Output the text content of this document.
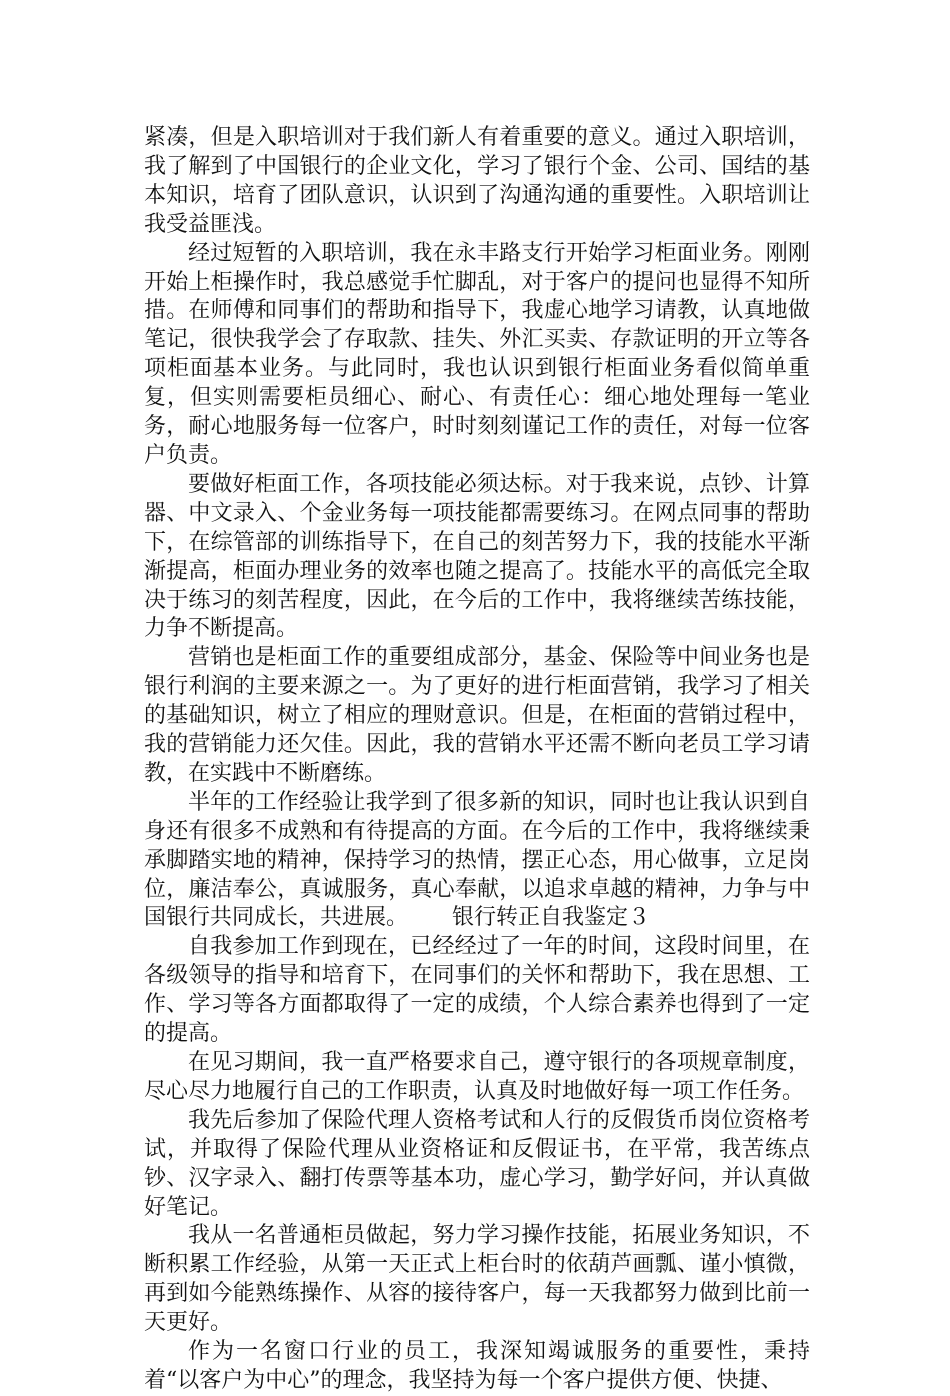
紧凑，但是入职培训对于我们新人有着重要的意义。通过入职培训，我了解到了中国银行的企业文化，学习了银行个金、公司、国结的基本知识，培育了团队意识，认识到了沟通沟通的重要性。入职培训让我受益匪浅。

经过短暂的入职培训，我在永丰路支行开始学习柜面业务。刚刚开始上柜操作时，我总感觉手忙脚乱，对于客户的提问也显得不知所措。在师傅和同事们的帮助和指导下，我虚心地学习请教，认真地做笔记，很快我学会了存取款、挂失、外汇买卖、存款证明的开立等各项柜面基本业务。与此同时，我也认识到银行柜面业务看似简单重复，但实则需要柜员细心、耐心、有责任心：细心地处理每一笔业务，耐心地服务每一位客户，时时刻刻谨记工作的责任，对每一位客户负责。

要做好柜面工作，各项技能必须达标。对于我来说，点钞、计算器、中文录入、个金业务每一项技能都需要练习。在网点同事的帮助下，在综管部的训练指导下，在自己的刻苦努力下，我的技能水平渐渐提高，柜面办理业务的效率也随之提高了。技能水平的高低完全取决于练习的刻苦程度，因此，在今后的工作中，我将继续苦练技能，力争不断提高。

营销也是柜面工作的重要组成部分，基金、保险等中间业务也是银行利润的主要来源之一。为了更好的进行柜面营销，我学习了相关的基础知识，树立了相应的理财意识。但是，在柜面的营销过程中，我的营销能力还欠佳。因此，我的营销水平还需不断向老员工学习请教，在实践中不断磨练。

半年的工作经验让我学到了很多新的知识，同时也让我认识到自身还有很多不成熟和有待提高的方面。在今后的工作中，我将继续秉承脚踏实地的精神，保持学习的热情，摆正心态，用心做事，立足岗位，廉洁奉公，真诚服务，真心奉献，以追求卓越的精神，力争与中国银行共同成长，共进展。 银行转正自我鉴定３

自我参加工作到现在，已经经过了一年的时间，这段时间里，在各级领导的指导和培育下，在同事们的关怀和帮助下，我在思想、工作、学习等各方面都取得了一定的成绩，个人综合素养也得到了一定的提高。

在见习期间，我一直严格要求自己，遵守银行的各项规章制度，尽心尽力地履行自己的工作职责，认真及时地做好每一项工作任务。

我先后参加了保险代理人资格考试和人行的反假货币岗位资格考试，并取得了保险代理从业资格证和反假证书，在平常，我苦练点钞、汉字录入、翻打传票等基本功，虚心学习，勤学好问，并认真做好笔记。

我从一名普通柜员做起，努力学习操作技能，拓展业务知识，不断积累工作经验，从第一天正式上柜台时的依葫芦画瓢、谨小慎微，再到如今能熟练操作、从容的接待客户，每一天我都努力做到比前一天更好。

作为一名窗口行业的员工，我深知竭诚服务的重要性，秉持着“以客户为中心”的理念，我坚持为每一个客户提供方便、快捷、
